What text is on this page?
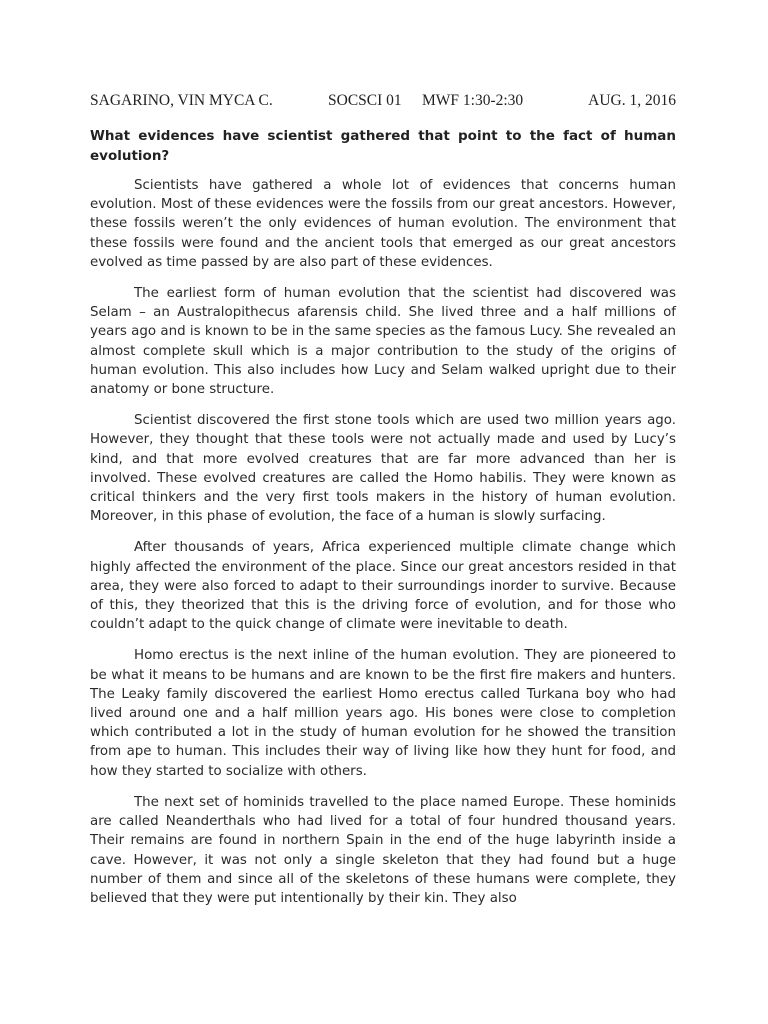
SAGARINO, VIN MYCA C.	SOCSCI 01 MWF 1:30-2:30	AUG. 1, 2016
What evidences have scientist gathered that point to the fact of human evolution?

Scientists have gathered a whole lot of evidences that concerns human evolution. Most of these evidences were the fossils from our great ancestors. However, these fossils weren’t the only evidences of human evolution. The environment that these fossils were found and the ancient tools that emerged as our great ancestors evolved as time passed by are also part of these evidences.

The earliest form of human evolution that the scientist had discovered was Selam – an Australopithecus afarensis child. She lived three and a half millions of years ago and is known to be in the same species as the famous Lucy. She revealed an almost complete skull which is a major contribution to the study of the origins of human evolution. This also includes how Lucy and Selam walked upright due to their anatomy or bone structure.

Scientist discovered the first stone tools which are used two million years ago. However, they thought that these tools were not actually made and used by Lucy’s kind, and that more evolved creatures that are far more advanced than her is involved. These evolved creatures are called the Homo habilis. They were known as critical thinkers and the very first tools makers in the history of human evolution. Moreover, in this phase of evolution, the face of a human is slowly surfacing.

After thousands of years, Africa experienced multiple climate change which highly affected the environment of the place. Since our great ancestors resided in that area, they were also forced to adapt to their surroundings inorder to survive. Because of this, they theorized that this is the driving force of evolution, and for those who couldn’t adapt to the quick change of climate were inevitable to death.

Homo erectus is the next inline of the human evolution. They are pioneered to be what it means to be humans and are known to be the first fire makers and hunters. The Leaky family discovered the earliest Homo erectus called Turkana boy who had lived around one and a half million years ago. His bones were close to completion which contributed a lot in the study of human evolution for he showed the transition from ape to human. This includes their way of living like how they hunt for food, and how they started to socialize with others.

The next set of hominids travelled to the place named Europe. These hominids are called Neanderthals who had lived for a total of four hundred thousand years. Their remains are found in northern Spain in the end of the huge labyrinth inside a cave. However, it was not only a single skeleton that they had found but a huge number of them and since all of the skeletons of these humans were complete, they believed that they were put intentionally by their kin. They also
